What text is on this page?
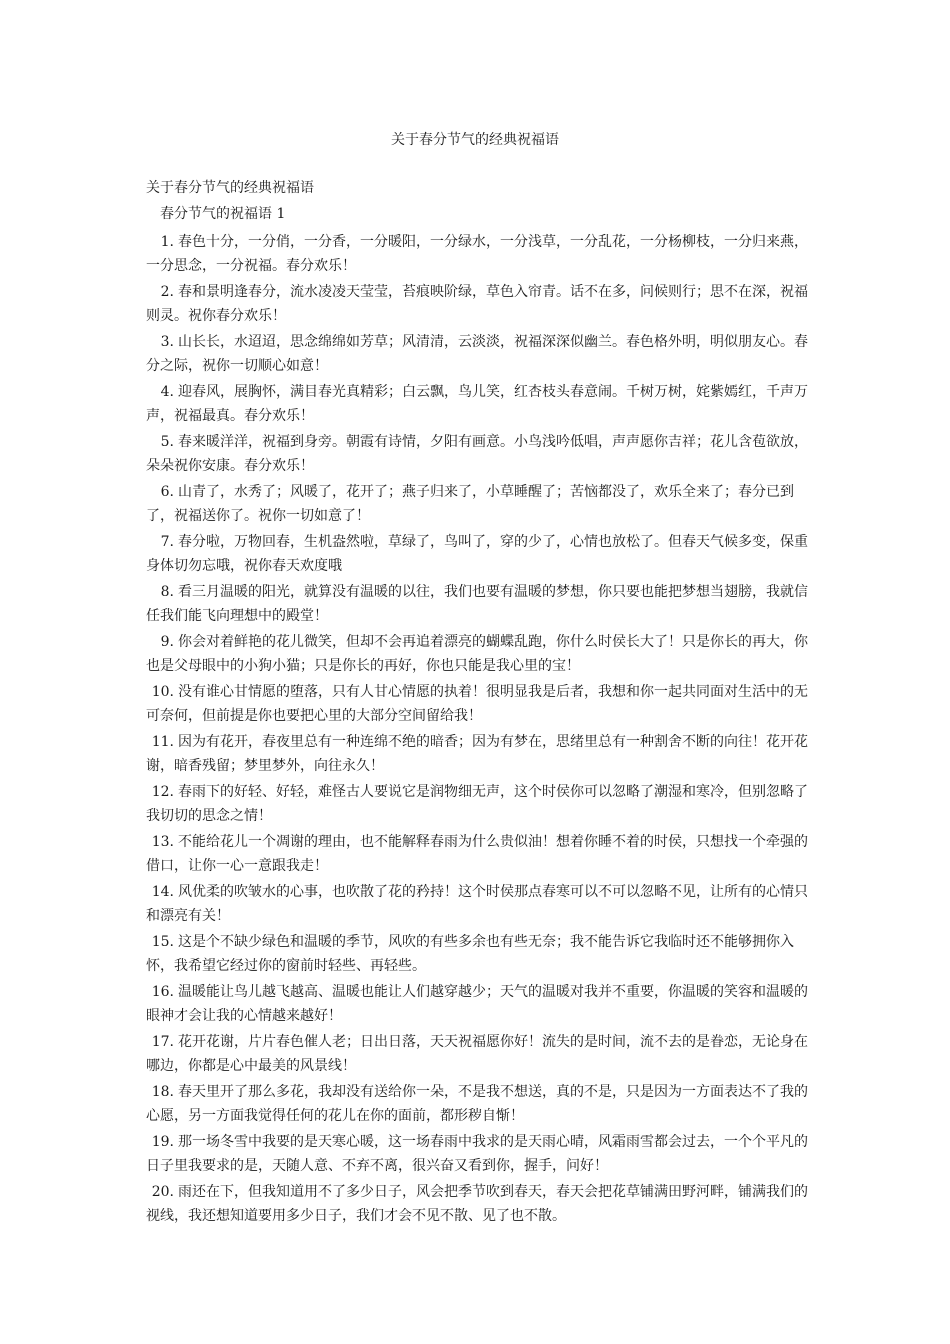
关于春分节气的经典祝福语
关于春分节气的经典祝福语
春分节气的祝福语 1
1. 春色十分，一分俏，一分香，一分暖阳，一分绿水，一分浅草，一分乱花，一分杨柳枝，一分归来燕，一分思念，一分祝福。春分欢乐！
2. 春和景明逢春分，流水凌凌天莹莹，苔痕映阶绿，草色入帘青。话不在多，问候则行；思不在深，祝福则灵。祝你春分欢乐！
3. 山长长，水迢迢，思念绵绵如芳草；风清清，云淡淡，祝福深深似幽兰。春色格外明，明似朋友心。春分之际，祝你一切顺心如意！
4. 迎春风，展胸怀，满目春光真精彩；白云飘，鸟儿笑，红杏枝头春意闹。千树万树，姹紫嫣红，千声万声，祝福最真。春分欢乐！
5. 春来暖洋洋，祝福到身旁。朝霞有诗情，夕阳有画意。小鸟浅吟低唱，声声愿你吉祥；花儿含苞欲放，朵朵祝你安康。春分欢乐！
6. 山青了，水秀了；风暖了，花开了；燕子归来了，小草睡醒了；苦恼都没了，欢乐全来了；春分已到了，祝福送你了。祝你一切如意了！
7. 春分啦，万物回春，生机盎然啦，草绿了，鸟叫了，穿的少了，心情也放松了。但春天气候多变，保重身体切勿忘哦，祝你春天欢度哦
8. 看三月温暖的阳光，就算没有温暖的以往，我们也要有温暖的梦想，你只要也能把梦想当翅膀，我就信任我们能飞向理想中的殿堂！
9. 你会对着鲜艳的花儿微笑，但却不会再追着漂亮的蝴蝶乱跑，你什么时侯长大了！只是你长的再大，你也是父母眼中的小狗小猫；只是你长的再好，你也只能是我心里的宝！
10. 没有谁心甘情愿的堕落，只有人甘心情愿的执着！很明显我是后者，我想和你一起共同面对生活中的无可奈何，但前提是你也要把心里的大部分空间留给我！
11. 因为有花开，春夜里总有一种连绵不绝的暗香；因为有梦在，思绪里总有一种割舍不断的向往！花开花谢，暗香残留；梦里梦外，向往永久！
12. 春雨下的好轻、好轻，难怪古人要说它是润物细无声，这个时侯你可以忽略了潮湿和寒冷，但别忽略了我切切的思念之情！
13. 不能给花儿一个凋谢的理由，也不能解释春雨为什么贵似油！想着你睡不着的时侯，只想找一个牵强的借口，让你一心一意跟我走！
14. 风优柔的吹皱水的心事，也吹散了花的矜持！这个时侯那点春寒可以不可以忽略不见，让所有的心情只和漂亮有关！
15. 这是个不缺少绿色和温暖的季节，风吹的有些多余也有些无奈；我不能告诉它我临时还不能够拥你入怀，我希望它经过你的窗前时轻些、再轻些。
16. 温暖能让鸟儿越飞越高、温暖也能让人们越穿越少；天气的温暖对我并不重要，你温暖的笑容和温暖的眼神才会让我的心情越来越好！
17. 花开花谢，片片春色催人老；日出日落，天天祝福愿你好！流失的是时间，流不去的是眷恋，无论身在哪边，你都是心中最美的风景线！
18. 春天里开了那么多花，我却没有送给你一朵，不是我不想送，真的不是，只是因为一方面表达不了我的心愿，另一方面我觉得任何的花儿在你的面前，都形秽自惭！
19. 那一场冬雪中我要的是天寒心暖，这一场春雨中我求的是天雨心晴，风霜雨雪都会过去，一个个平凡的日子里我要求的是，天随人意、不弃不离，很兴奋又看到你，握手，问好！
20. 雨还在下，但我知道用不了多少日子，风会把季节吹到春天，春天会把花草铺满田野河畔，铺满我们的视线，我还想知道要用多少日子，我们才会不见不散、见了也不散。
